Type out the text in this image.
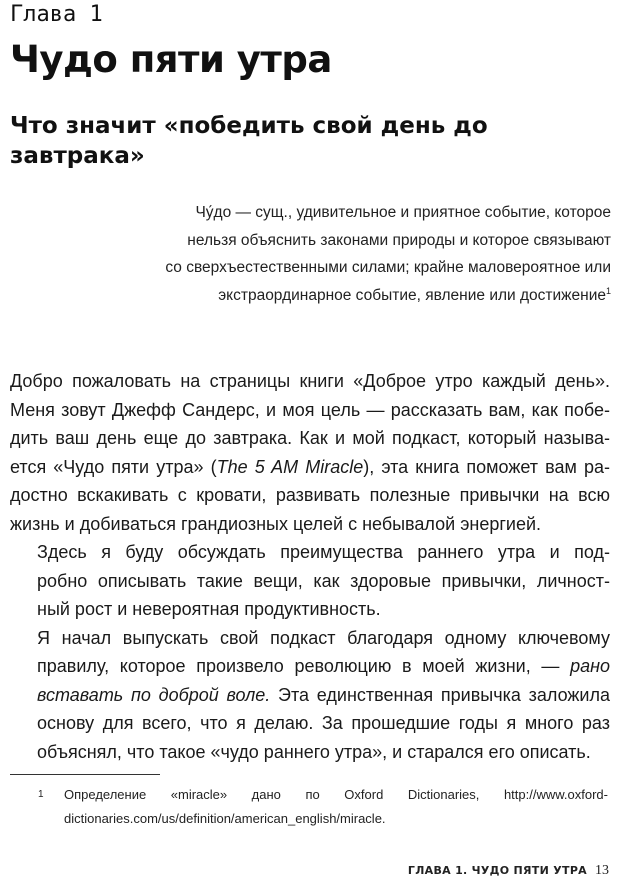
Глава 1
Чудо пяти утра
Что значит «победить свой день до завтрака»
Чу́до — сущ., удивительное и приятное событие, которое
нельзя объяснить законами природы и которое связывают
со сверхъестественными силами; крайне маловероятное или
экстраординарное событие, явление или достижение$^1$

Добро пожаловать на страницы книги «Доброе утро каждый день».
Меня зовут Джефф Сандерс, и моя цель — рассказать вам, как побе-
дить ваш день еще до завтрака. Как и мой подкаст, который называ-
ется «Чудо пяти утра» (The 5 AM Miracle), эта книга поможет вам ра-
достно вскакивать с кровати, развивать полезные привычки на всю
жизнь и добиваться грандиозных целей с небывалой энергией.

Здесь я буду обсуждать преимущества раннего утра и под-
робно описывать такие вещи, как здоровые привычки, личност-
ный рост и невероятная продуктивность.

Я начал выпускать свой подкаст благодаря одному ключевому
правилу, которое произвело революцию в моей жизни, — рано
вставать по доброй воле. Эта единственная привычка заложила
основу для всего, что я делаю. За прошедшие годы я много раз
объяснял, что такое «чудо раннего утра», и старался его описать.

1	Определение «miracle» дано по Oxford Dictionaries, http://www.oxford-dictionaries.com/us/definition/american_english/miracle.
ГЛАВА 1. ЧУДО ПЯТИ УТРА 13
